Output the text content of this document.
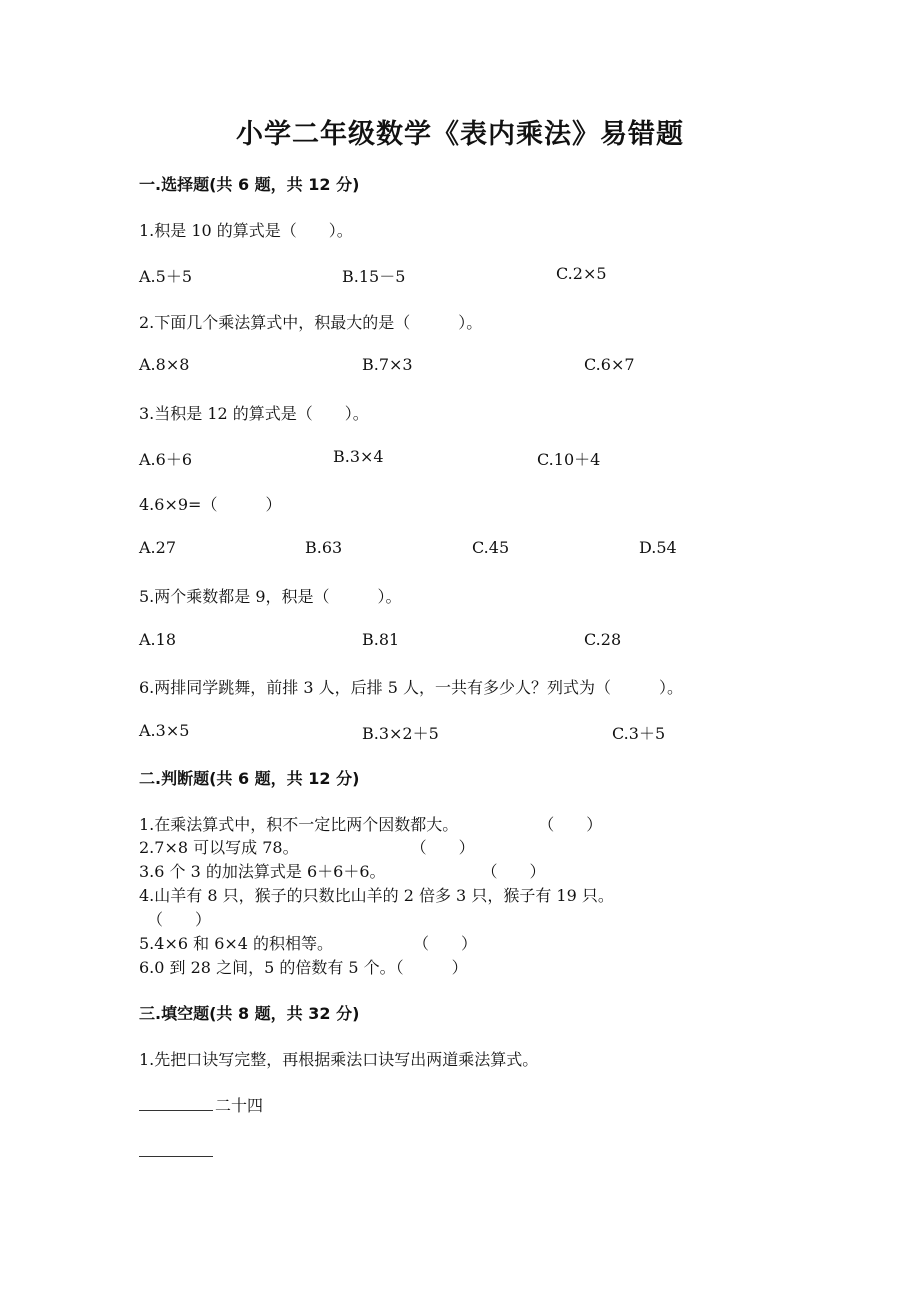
小学二年级数学《表内乘法》易错题
一.选择题(共 6 题，共 12 分)
1.积是 10 的算式是（　　）。
A.5＋5	B.15－5	C.2×5
2.下面几个乘法算式中，积最大的是（　　　）。
A.8×8	B.7×3	C.6×7
3.当积是 12 的算式是（　　）。
A.6＋6	B.3×4	C.10＋4
4.6×9=（　　　）
A.27	B.63	C.45	D.54
5.两个乘数都是 9，积是（　　　）。
A.18	B.81	C.28
6.两排同学跳舞，前排 3 人，后排 5 人，一共有多少人？列式为（　　　）。
A.3×5	B.3×2＋5	C.3＋5
二.判断题(共 6 题，共 12 分)
1.在乘法算式中，积不一定比两个因数都大。　　　　　　（　　）
2.7×8 可以写成 78。　　　　　　　　（　　）
3.6 个 3 的加法算式是 6＋6＋6。　　　　　　　（　　）
4.山羊有 8 只，猴子的只数比山羊的 2 倍多 3 只，猴子有 19 只。
（　　）
5.4×6 和 6×4 的积相等。　　　　　　（　　）
6.0 到 28 之间，5 的倍数有 5 个。（　　　）
三.填空题(共 8 题，共 32 分)
1.先把口诀写完整，再根据乘法口诀写出两道乘法算式。
二十四
